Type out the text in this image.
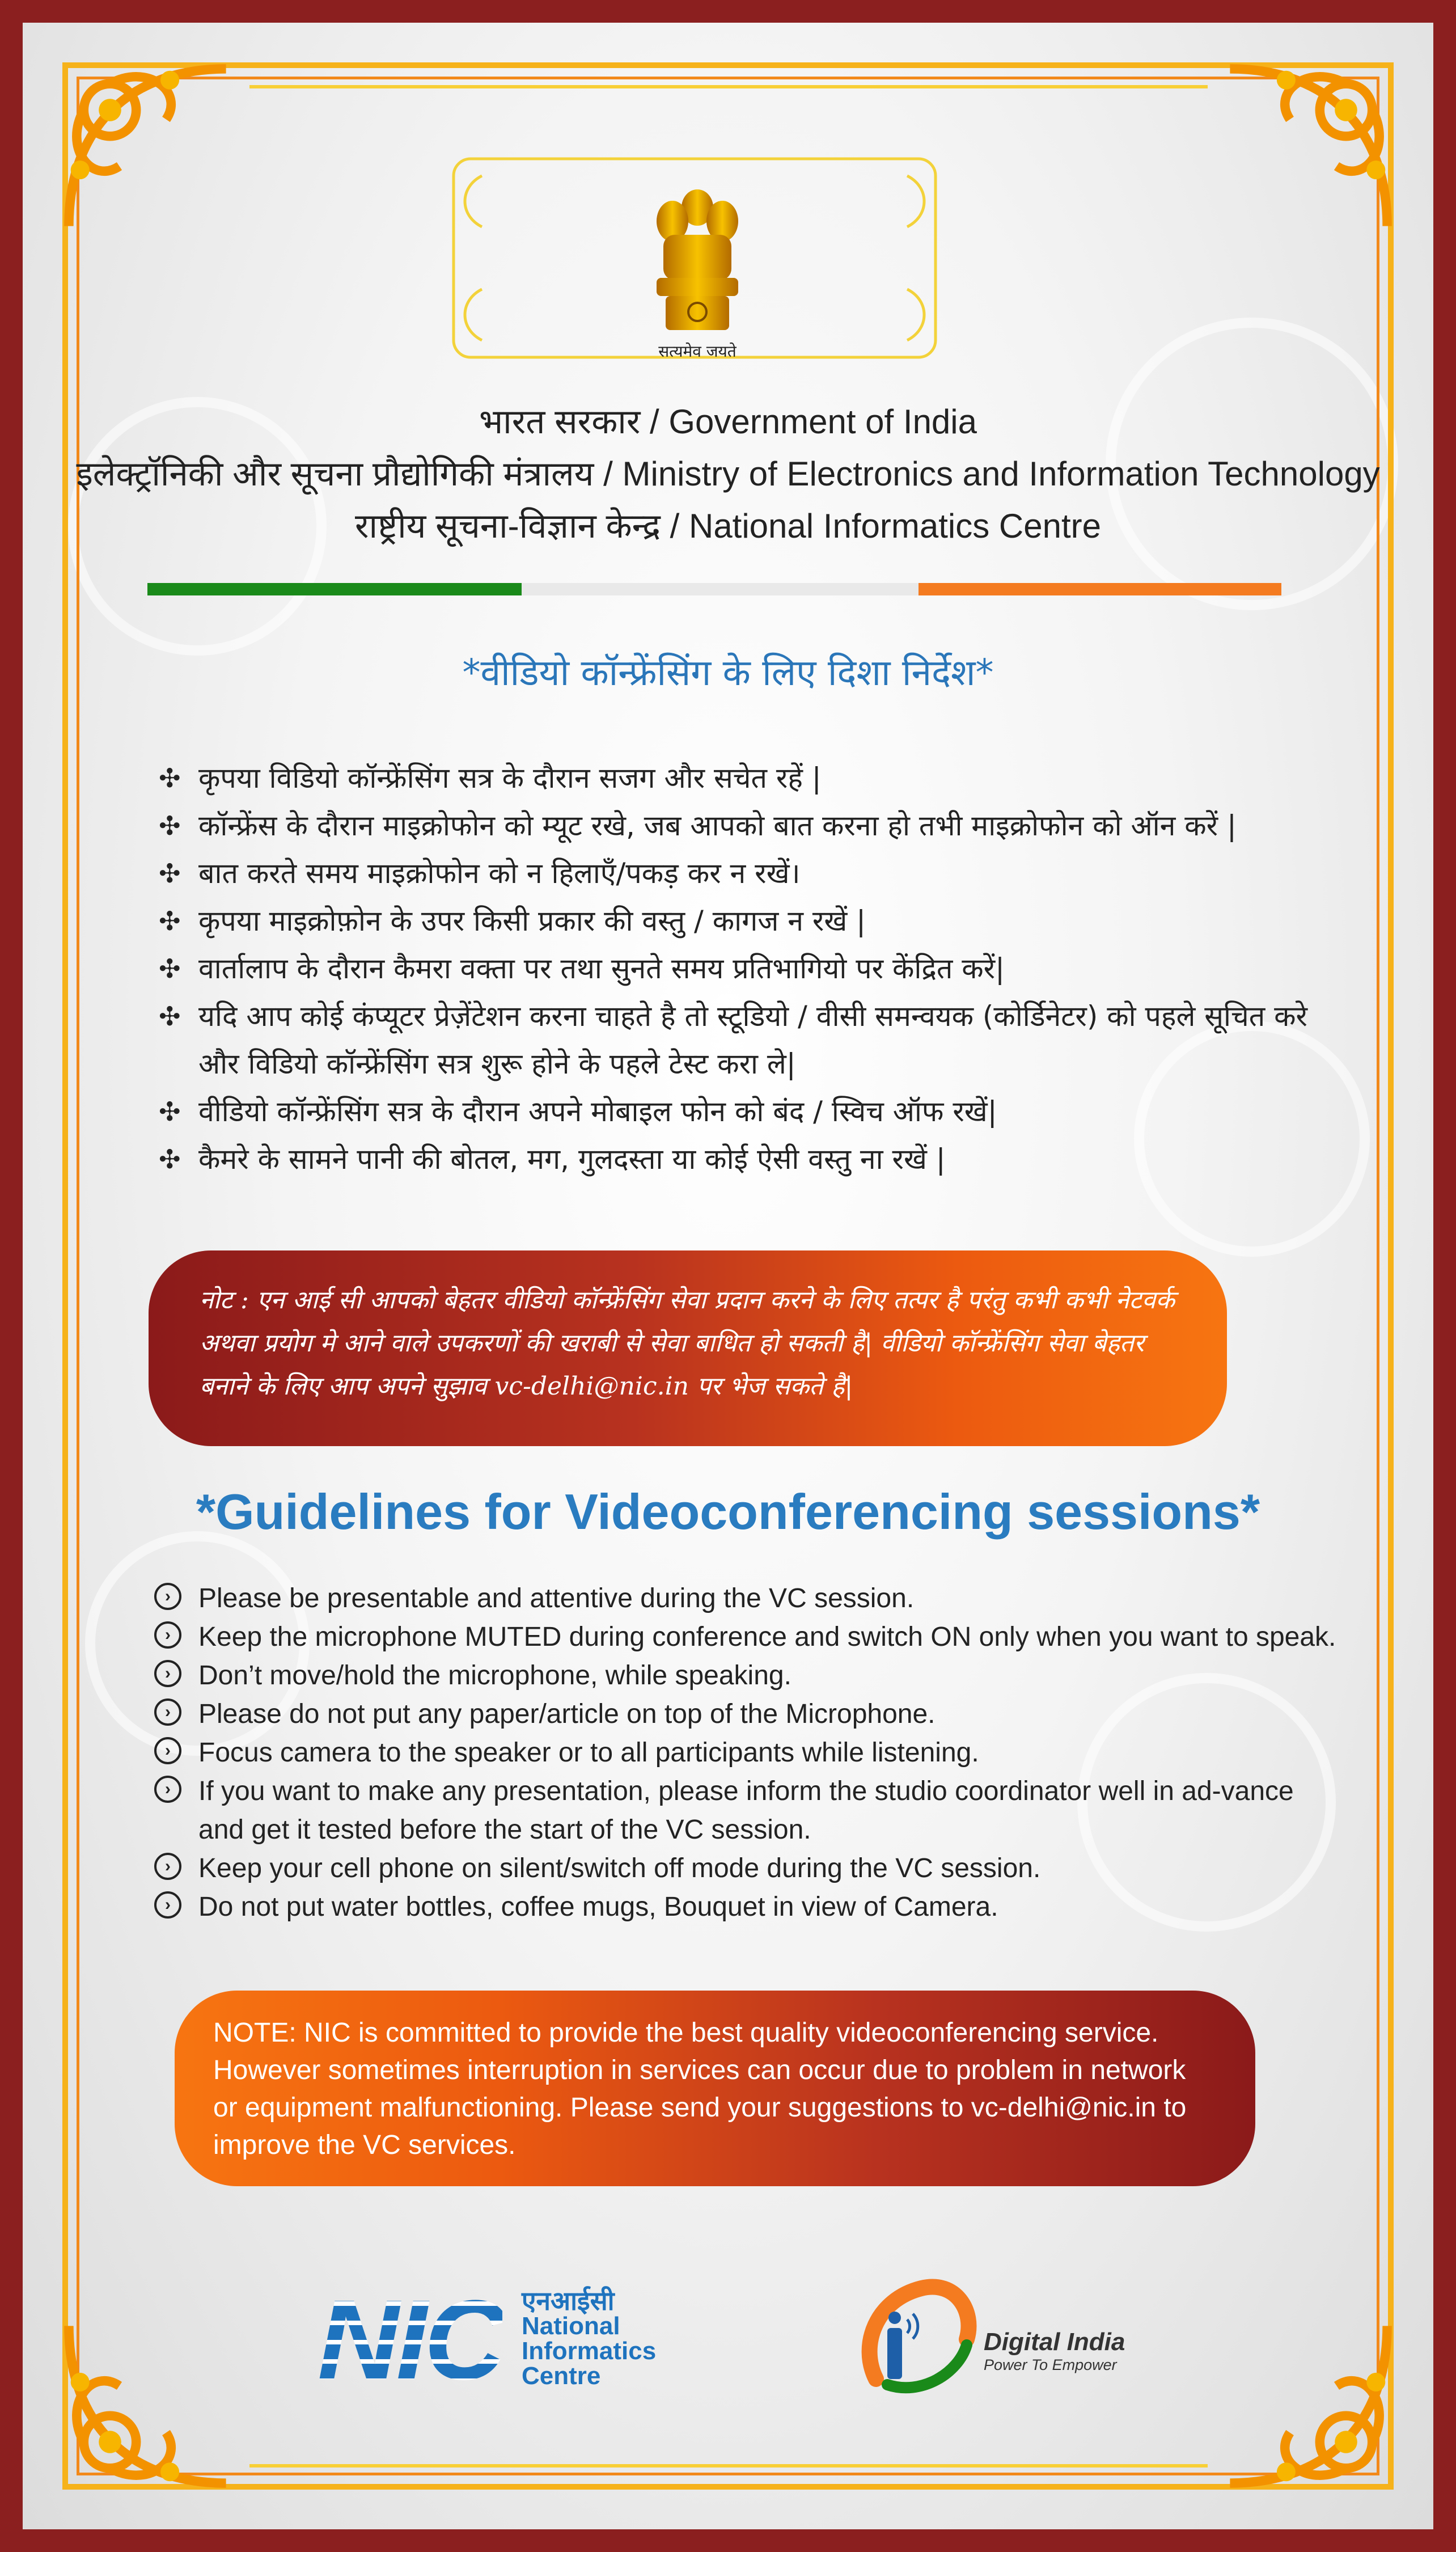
सत्यमेव जयते
भारत सरकार / Government of India
इलेक्ट्रॉनिकी और सूचना प्रौद्योगिकी मंत्रालय / Ministry of Electronics and Information Technology
राष्ट्रीय सूचना-विज्ञान केन्द्र / National Informatics Centre
*वीडियो कॉन्फ्रेंसिंग के लिए दिशा निर्देश*
✣ कृपया विडियो कॉन्फ्रेंसिंग सत्र के दौरान सजग और सचेत रहें |
✣ कॉन्फ्रेंस के दौरान माइक्रोफोन को म्यूट रखे, जब आपको बात करना हो तभी माइक्रोफोन को ऑन करें |
✣ बात करते समय माइक्रोफोन को न हिलाएँ/पकड़ कर न रखें।
✣ कृपया माइक्रोफ़ोन के उपर किसी प्रकार की वस्तु / कागज न रखें |
✣ वार्तालाप के दौरान कैमरा वक्ता पर तथा सुनते समय प्रतिभागियो पर केंद्रित करें|
✣ यदि आप कोई कंप्यूटर प्रेज़ेंटेशन करना चाहते है तो स्टूडियो / वीसी समन्वयक (कोर्डिनेटर) को पहले सूचित करे और विडियो कॉन्फ्रेंसिंग सत्र शुरू होने के पहले टेस्ट करा ले|
✣ वीडियो कॉन्फ्रेंसिंग सत्र के दौरान अपने मोबाइल फोन को बंद / स्विच ऑफ रखें|
✣ कैमरे के सामने पानी की बोतल, मग, गुलदस्ता या कोई ऐसी वस्तु ना रखें |
नोट : एन आई सी आपको बेहतर वीडियो कॉन्फ्रेंसिंग सेवा प्रदान करने के लिए तत्पर है परंतु कभी कभी नेटवर्क अथवा प्रयोग मे आने वाले उपकरणों की खराबी से सेवा बाधित हो सकती है| वीडियो कॉन्फ्रेंसिंग सेवा बेहतर बनाने के लिए आप अपने सुझाव vc-delhi@nic.in पर भेज सकते है|
*Guidelines for Videoconferencing sessions*
›	Please be presentable and attentive during the VC session.
›	Keep the microphone MUTED during conference and switch ON only when you want to speak.
›	Don’t move/hold the microphone, while speaking.
›	Please do not put any paper/article on top of the Microphone.
›	Focus camera to the speaker or to all participants while listening.
›	If you want to make any presentation, please inform the studio coordinator well in ad-vance and get it tested before the start of the VC session.
›	Keep your cell phone on silent/switch off mode during the VC session.
›	Do not put water bottles, coffee mugs, Bouquet in view of Camera.
NOTE: NIC is committed to provide the best quality videoconferencing service. However sometimes interruption in services can occur due to problem in network or equipment malfunctioning. Please send your suggestions to vc-delhi@nic.in to improve the VC services.
NIC एनआईसी
National
Informatics
Centre
Digital India
Power To Empower
